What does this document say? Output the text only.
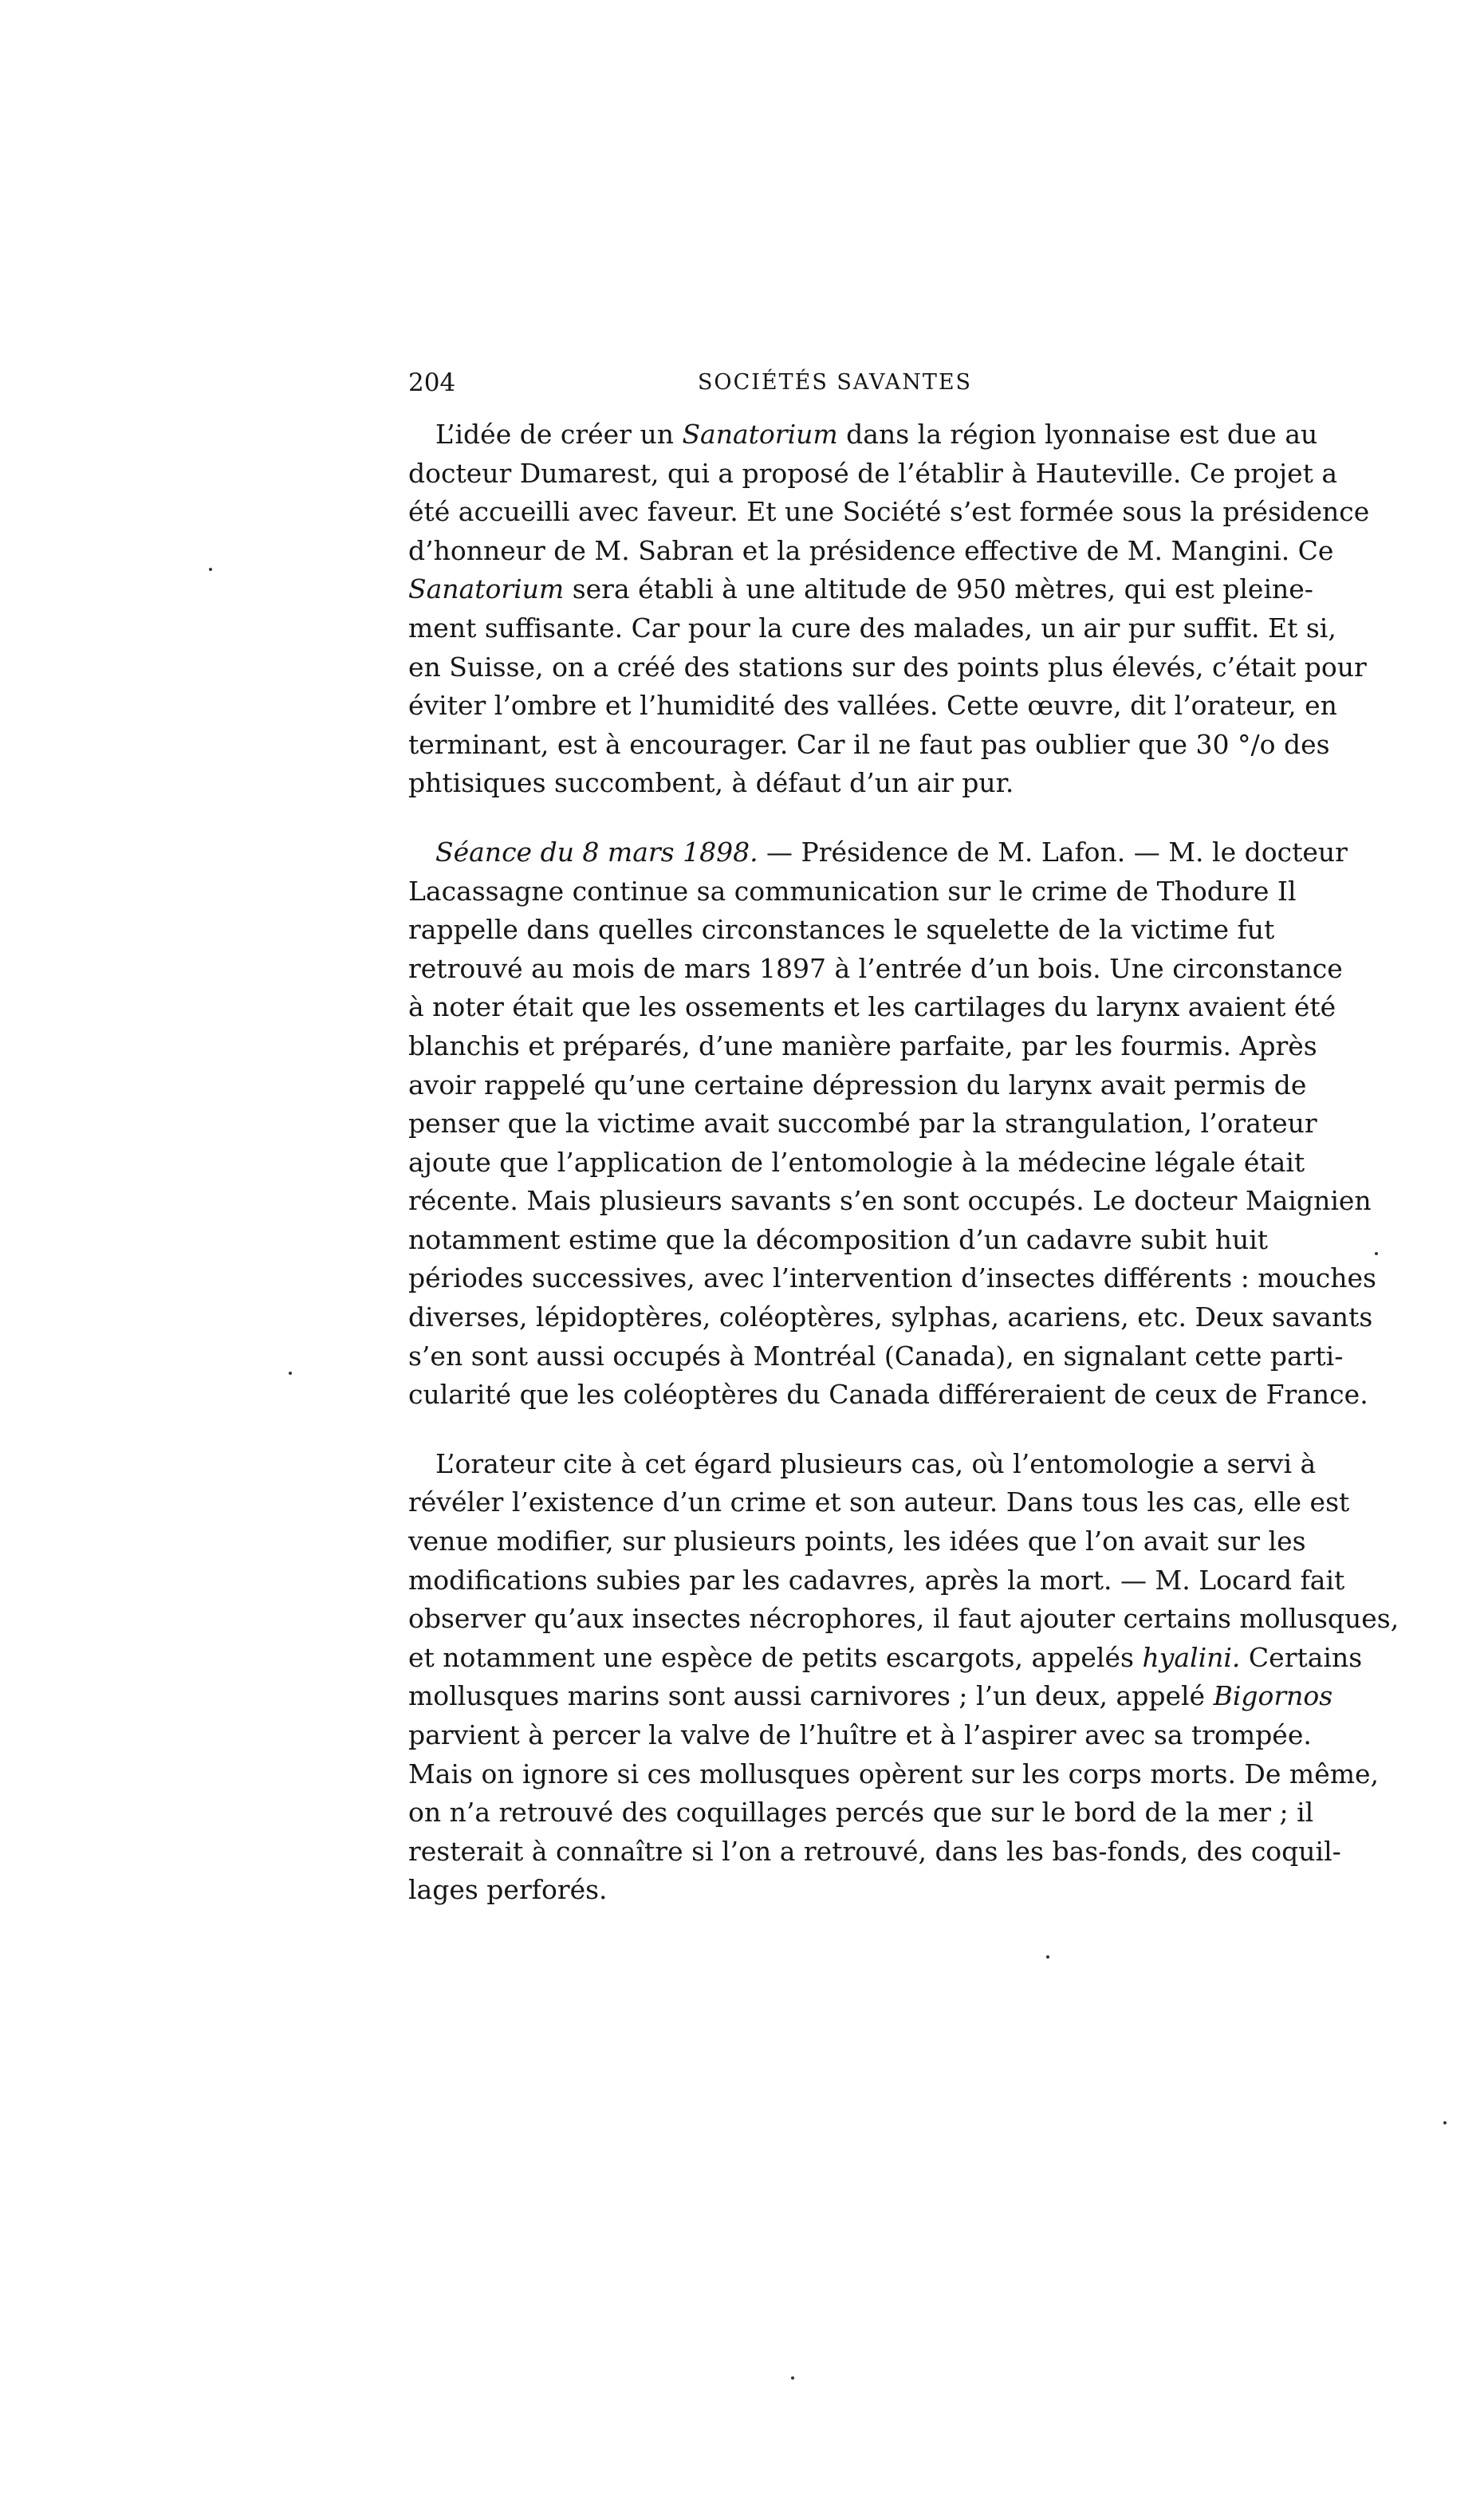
204	SOCIÉTÉS SAVANTES
L’idée de créer un Sanatorium dans la région lyonnaise est due au
docteur Dumarest, qui a proposé de l’établir à Hauteville. Ce projet a
été accueilli avec faveur. Et une Société s’est formée sous la présidence
d’honneur de M. Sabran et la présidence effective de M. Mangini. Ce
Sanatorium sera établi à une altitude de 950 mètres, qui est pleine-
ment suffisante. Car pour la cure des malades, un air pur suffit. Et si,
en Suisse, on a créé des stations sur des points plus élevés, c’était pour
éviter l’ombre et l’humidité des vallées. Cette œuvre, dit l’orateur, en
terminant, est à encourager. Car il ne faut pas oublier que 30 °/o des
phtisiques succombent, à défaut d’un air pur.
Séance du 8 mars 1898. — Présidence de M. Lafon. — M. le docteur
Lacassagne continue sa communication sur le crime de Thodure Il
rappelle dans quelles circonstances le squelette de la victime fut
retrouvé au mois de mars 1897 à l’entrée d’un bois. Une circonstance
à noter était que les ossements et les cartilages du larynx avaient été
blanchis et préparés, d’une manière parfaite, par les fourmis. Après
avoir rappelé qu’une certaine dépression du larynx avait permis de
penser que la victime avait succombé par la strangulation, l’orateur
ajoute que l’application de l’entomologie à la médecine légale était
récente. Mais plusieurs savants s’en sont occupés. Le docteur Maignien
notamment estime que la décomposition d’un cadavre subit huit
périodes successives, avec l’intervention d’insectes différents : mouches
diverses, lépidoptères, coléoptères, sylphas, acariens, etc. Deux savants
s’en sont aussi occupés à Montréal (Canada), en signalant cette parti-
cularité que les coléoptères du Canada différeraient de ceux de France.
L’orateur cite à cet égard plusieurs cas, où l’entomologie a servi à
révéler l’existence d’un crime et son auteur. Dans tous les cas, elle est
venue modifier, sur plusieurs points, les idées que l’on avait sur les
modifications subies par les cadavres, après la mort. — M. Locard fait
observer qu’aux insectes nécrophores, il faut ajouter certains mollusques,
et notamment une espèce de petits escargots, appelés hyalini. Certains
mollusques marins sont aussi carnivores ; l’un deux, appelé Bigornos
parvient à percer la valve de l’huître et à l’aspirer avec sa trompée.
Mais on ignore si ces mollusques opèrent sur les corps morts. De même,
on n’a retrouvé des coquillages percés que sur le bord de la mer ; il
resterait à connaître si l’on a retrouvé, dans les bas-fonds, des coquil-
lages perforés.
